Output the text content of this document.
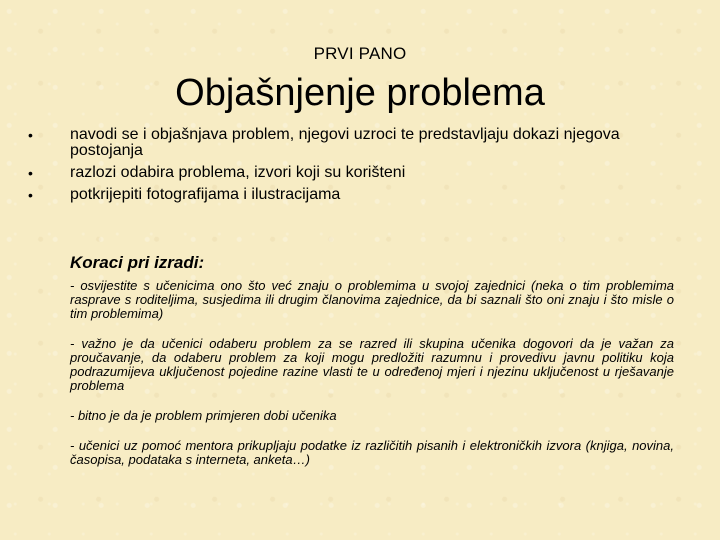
PRVI PANO
Objašnjenje problema
• navodi se i objašnjava problem, njegovi uzroci te predstavljaju dokazi njegova postojanja
• razlozi odabira problema, izvori koji su korišteni
• potkrijepiti fotografijama i ilustracijama
Koraci pri izradi:

- osvijestite s učenicima ono što već znaju o problemima u svojoj zajednici (neka o tim problemima rasprave s roditeljima, susjedima ili drugim članovima zajednice, da bi saznali što oni znaju i što misle o tim problemima)

- važno je da učenici odaberu problem za se razred ili skupina učenika dogovori da je važan za proučavanje, da odaberu problem za koji mogu predložiti razumnu i provedivu javnu politiku koja podrazumijeva uključenost pojedine razine vlasti te u određenoj mjeri i njezinu uključenost u rješavanje problema

- bitno je da je problem primjeren dobi učenika

- učenici uz pomoć mentora prikupljaju podatke iz različitih pisanih i elektroničkih izvora (knjiga, novina, časopisa, podataka s interneta, anketa…)
